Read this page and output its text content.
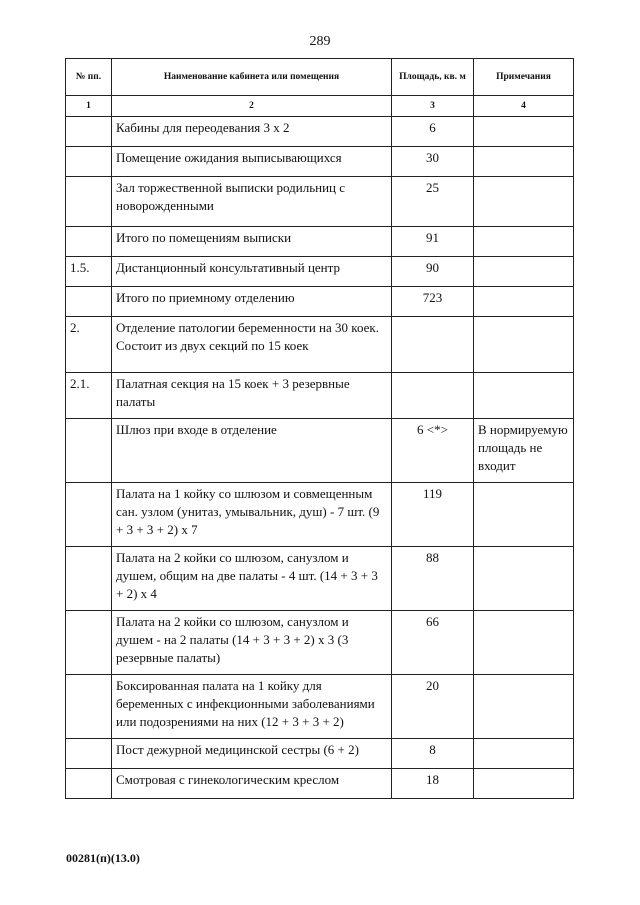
289
№ пп.	Наименование кабинета или помещения	Площадь, кв. м	Примечания
1	2	3	4
	Кабины для переодевания 3 x 2	6	
	Помещение ожидания выписывающихся	30	
	Зал торжественной выписки родильниц с новорожденными	25	
	Итого по помещениям выписки	91	
1.5.	Дистанционный консультативный центр	90	
	Итого по приемному отделению	723	
2.	Отделение патологии беременности на 30 коек. Состоит из двух секций по 15 коек		
2.1.	Палатная секция на 15 коек + 3 резервные палаты		
	Шлюз при входе в отделение	6 <*>	В нормируемую площадь не входит
	Палата на 1 койку со шлюзом и совмещенным сан. узлом (унитаз, умывальник, душ) - 7 шт. (9 + 3 + 3 + 2) x 7	119	
	Палата на 2 койки со шлюзом, санузлом и душем, общим на две палаты - 4 шт. (14 + 3 + 3 + 2) x 4	88	
	Палата на 2 койки со шлюзом, санузлом и душем - на 2 палаты (14 + 3 + 3 + 2) x 3 (3 резервные палаты)	66	
	Боксированная палата на 1 койку для беременных с инфекционными заболеваниями или подозрениями на них (12 + 3 + 3 + 2)	20	
	Пост дежурной медицинской сестры (6 + 2)	8	
	Смотровая с гинекологическим креслом	18	
00281(п)(13.0)
